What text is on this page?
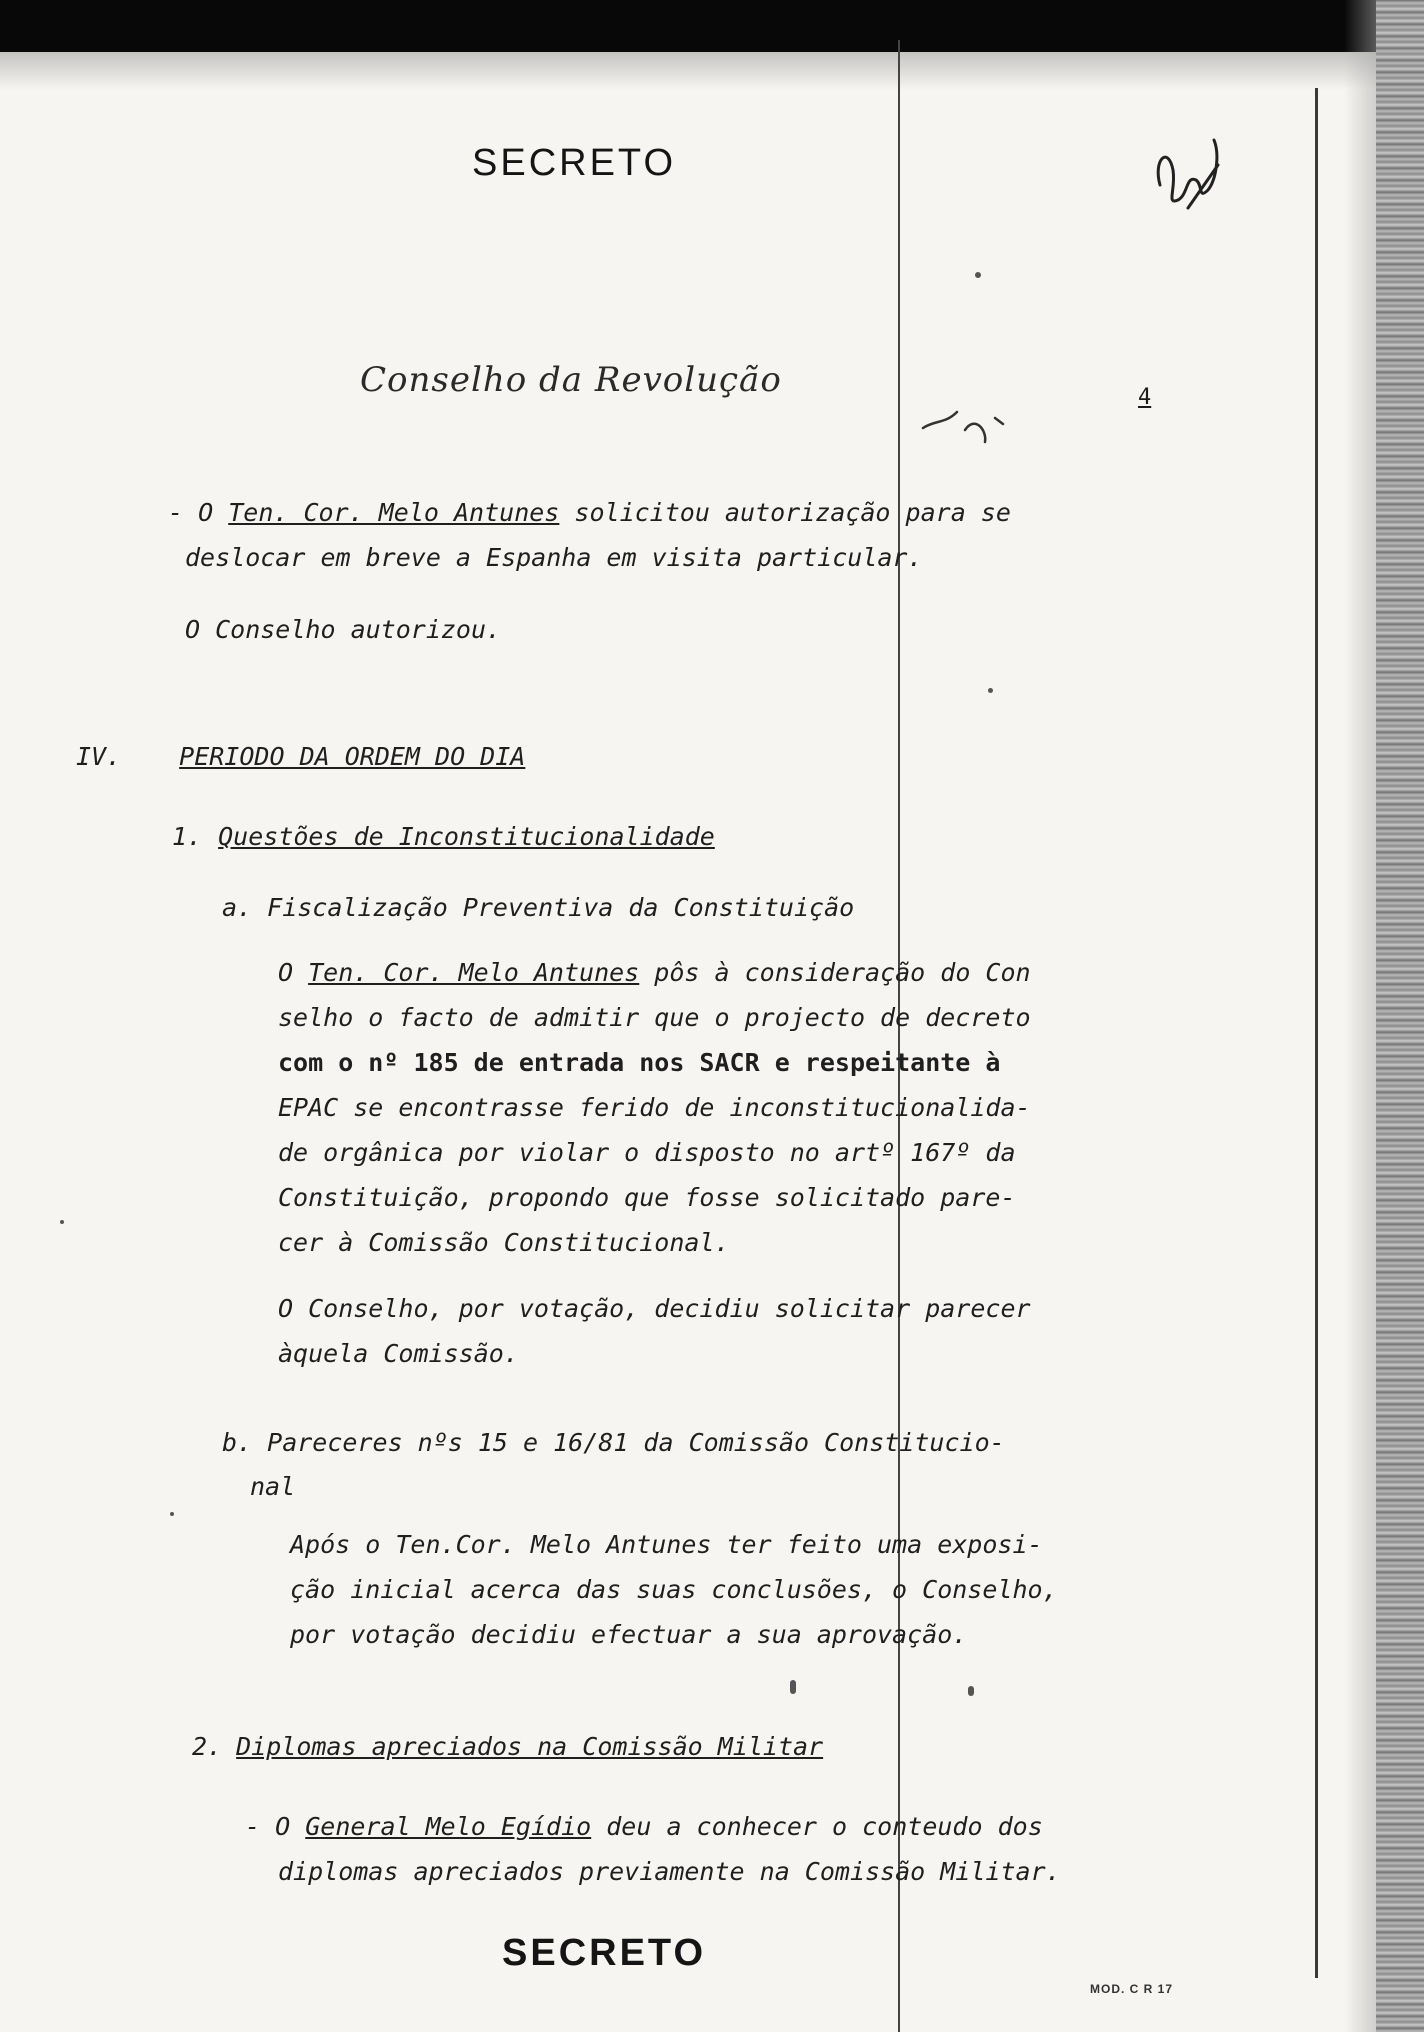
SECRETO
Conselho da Revolução	4
- O Ten. Cor. Melo Antunes solicitou autorização para se
deslocar em breve a Espanha em visita particular.
O Conselho autorizou.
IV. PERIODO DA ORDEM DO DIA
1. Questões de Inconstitucionalidade
a. Fiscalização Preventiva da Constituição
O Ten. Cor. Melo Antunes pôs à consideração do Con
selho o facto de admitir que o projecto de decreto
com o nº 185 de entrada nos SACR e respeitante à
EPAC se encontrasse ferido de inconstitucionalida-
de orgânica por violar o disposto no artº 167º da
Constituição, propondo que fosse solicitado pare-
cer à Comissão Constitucional.
O Conselho, por votação, decidiu solicitar parecer
àquela Comissão.
b. Pareceres nºs 15 e 16/81 da Comissão Constitucio-
nal
Após o Ten.Cor. Melo Antunes ter feito uma exposi-
ção inicial acerca das suas conclusões, o Conselho,
por votação decidiu efectuar a sua aprovação.
2. Diplomas apreciados na Comissão Militar
- O General Melo Egídio deu a conhecer o conteudo dos
diplomas apreciados previamente na Comissão Militar.
SECRETO
MOD. C R 17
